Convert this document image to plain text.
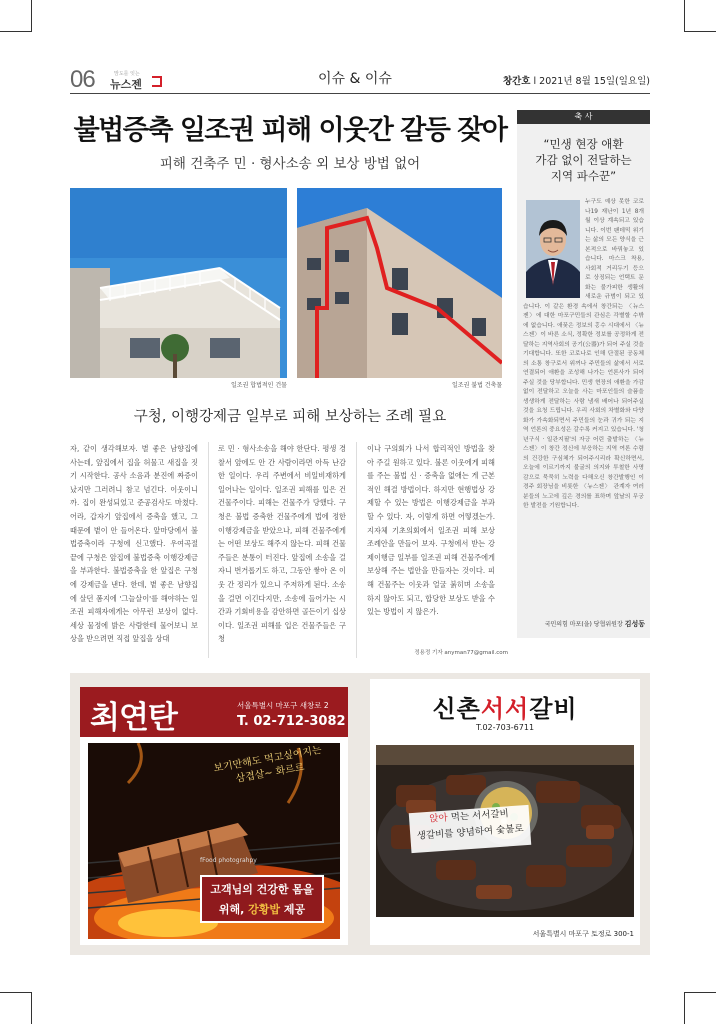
06	맘도를 잇는
뉴스젠	이슈 & 이슈	창간호 l 2021년 8월 15일(일요일)
불법증축 일조권 피해 이웃간 갈등 잦아
피해 건축주 민 · 형사소송 외 보상 방법 없어
일조권 합법적인 건물	일조권 불법 건축물
구청, 이행강제금 일부로 피해 보상하는 조례 필요
자, 같이 생각해보자. 별 좋은 남향집에 사는데, 앞집에서 집을 허물고 새집을 짓기 시작한다. 공사 소음과 분진에 짜증이 났지만 그러려니 참고 넘긴다. 이웃이니까. 집이 완성되었고 준공검사도 마쳤다. 어라, 갑자기 앞집에서 증축을 했고, 그 때문에 볕이 안 들어온다. 앞마당에서 불법증축이라 구청에 신고했다. 우여곡절 끝에 구청은 앞집에 불법증축 이행강제금을 부과한다. 불법증축을 한 앞집은 구청에 강제금을 낸다. 한데, 볕 좋은 남향집에 살던 폼지에 '그늘살이'를 해야하는 일조권 피해자에게는 아무런 보상이 없다. 세상 물정에 밝은 사람한테 물어보니 보상을 받으려면 직접 앞집을 상대
로 민 · 형사소송을 해야 한단다. 평생 경찰서 앞에도 안 간 사람이라면 아득 난감한 일이다. 우리 주변에서 비일비재하게 일어나는 일이다. 일조권 피해를 입은 건 건물주이다. 피해는 건물주가 당했다. 구청은 불법 증축한 건물주에게 법에 정한 이행강제금을 받았으나, 피해 건물주에게는 어떤 보상도 해주지 않는다. 피해 건물주들은 분통이 터진다. 앞집에 소송을 걸자니 번거롭기도 하고, 그동안 쌓아 온 이웃 간 정리가 있으니 주저하게 된다. 소송을 걸면 이긴다지만, 소송에 들어가는 시간과 기회비용을 감안하면 골든이기 십상이다. 일조권 피해를 입은 건물주들은 구청
이나 구의회가 나서 합리적인 방법을 찾아 주길 원하고 있다. 불론 이웃에게 피해를 주는 불법 신 · 증축을 없애는 게 근본적인 해결 방법이다. 하지만 현행법상 강제할 수 있는 방법은 이행강제금을 부과할 수 있다. 자, 이렇게 하면 어떻겠는가. 지자체 기초의회에서 일조권 피해 보상 조례안을 만들어 보자. 구청에서 받는 강제이행금 일부를 일조권 피해 건물주에게 보상해 주는 법안을 만들자는 것이다. 피해 건물주는 이웃과 얼굴 붉히며 소송을 하지 않아도 되고, 합당한 보상도 받을 수 있는 방법이 지 않은가.
정용정 기자 anyman77@gmail.com
축 사
“민생 현장 애환
가감 없이 전달하는
지역 파수꾼”
누구도 예상 못한 코로나19 재난이 1년 8개월 이상 계속되고 있습니다. 이번 팬데믹 위기는 삶의 모든 양식을 근본적으로 바꿔놓고 있습니다. 마스크 착용, 사회적 거리두기 등으로 상징되는 언택트 문화는 불가피한 생활의 새로운 규범이 되고 있습니다. 이 같은 환경 속에서 창간되는 〈뉴스젠〉에 대한 마포구민들의 관심은 각별할 수밖에 없습니다. 애꿎은 정보의 홍수 시대에서 〈뉴스젠〉이 바른 소식, 정확한 정보를 공정하게 전달하는 지역사회의 공기(公器)가 되어 주실 것을 기대합니다. 또한 코로나로 인해 단절된 공동체의 소통 창구로서 위꺼나 주민들의 삶에서 서로 연결되어 애환을 조성해 나가는 언론사가 되어주실 것을 당부합니다. 민생 현장의 애환을 가감 없이 전달하고 오늘을 사는 마포인들의 슬픔을 생생하게 전달하는 사람 냄새 배어나 되어주실 것을 요청 드립니다. 우리 사회의 차별화와 다양화가 가속화되면서 주민들의 눈과 귀가 되는 지역 언론의 중요성은 갈수록 커지고 있습니다. '청년구식 · 일관지필'의 자긍 어린 출발하는 〈뉴스젠〉이 창간 정신에 부응하는 지역 여론 수렴의 건강한 구심체가 되어주시리라 확신하면서, 오늘에 이르기까지 불굴의 의지와 투철한 사명감으로 묵묵히 노력을 다해오신 창간발행인 이경주 회장님을 비롯한 〈뉴스젠〉 관계자 여러분들의 노고에 깊은 경의를 표하며 앞날의 무궁한 발전을 기원합니다.
국민의힘 마포(을) 당협위원장 김성동
최연탄	서울특별시 마포구 새창로 2
T. 02-712-3082
보기만해도 먹고싶어지는
삼겹살~ 화르르
fFood photograhpy
고객님의 건강한 몸을
위해, 강황밥 제공
신촌서서갈비
T.02-703-6711
앉아 먹는 서서갈비
생갈비를 양념하여 숯불로
서울특별시 마포구 토정로 300-1
